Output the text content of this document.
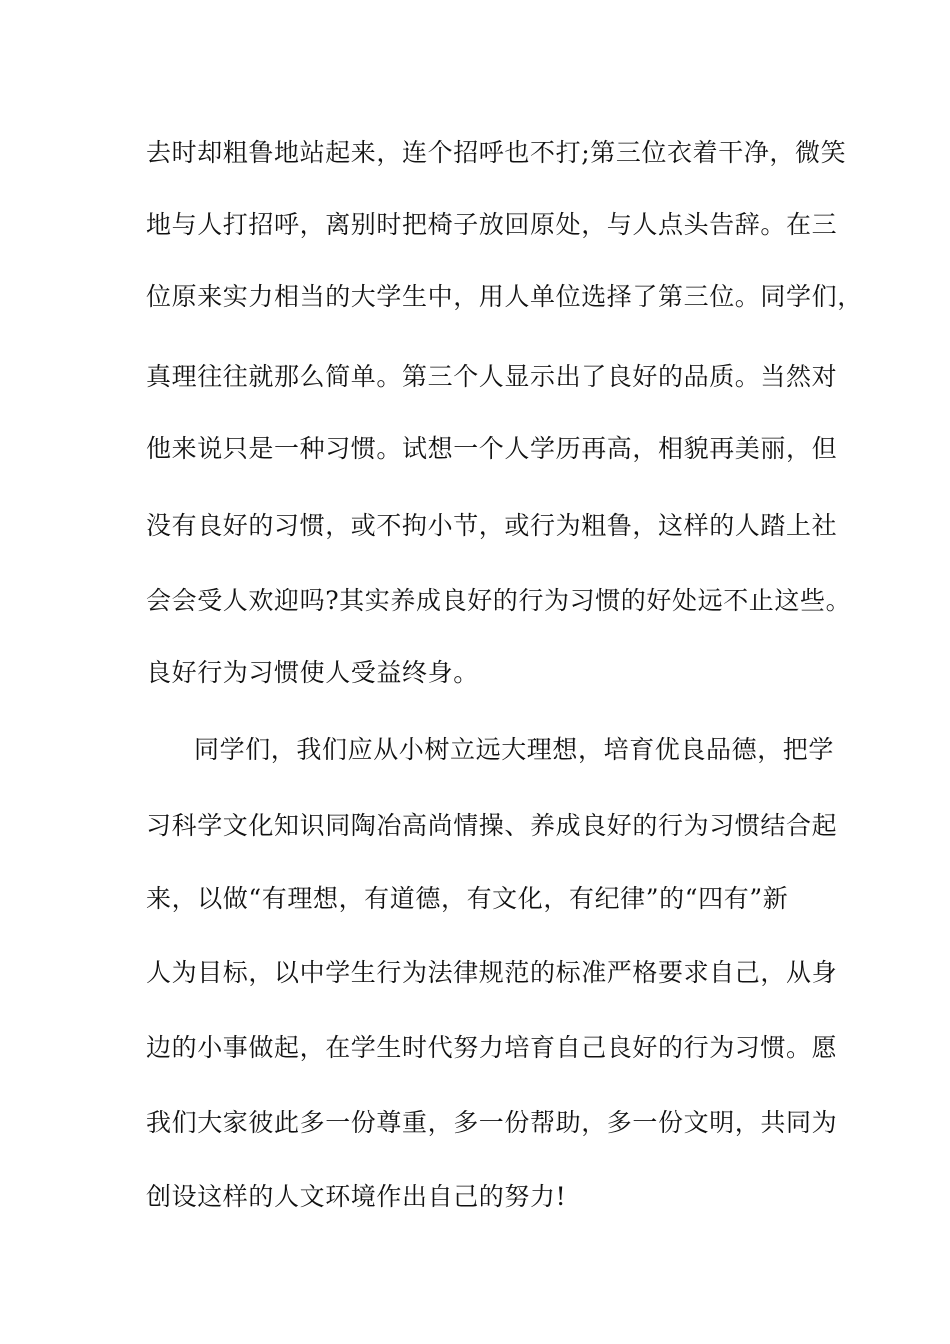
去时却粗鲁地站起来，连个招呼也不打;第三位衣着干净，微笑
地与人打招呼，离别时把椅子放回原处，与人点头告辞。在三
位原来实力相当的大学生中，用人单位选择了第三位。同学们，
真理往往就那么简单。第三个人显示出了良好的品质。当然对
他来说只是一种习惯。试想一个人学历再高，相貌再美丽，但
没有良好的习惯，或不拘小节，或行为粗鲁，这样的人踏上社
会会受人欢迎吗?其实养成良好的行为习惯的好处远不止这些。
良好行为习惯使人受益终身。
同学们，我们应从小树立远大理想，培育优良品德，把学
习科学文化知识同陶冶高尚情操、养成良好的行为习惯结合起
来，以做“有理想，有道德，有文化，有纪律”的“四有”新
人为目标，以中学生行为法律规范的标准严格要求自己，从身
边的小事做起，在学生时代努力培育自己良好的行为习惯。愿
我们大家彼此多一份尊重，多一份帮助，多一份文明，共同为
创设这样的人文环境作出自己的努力!
